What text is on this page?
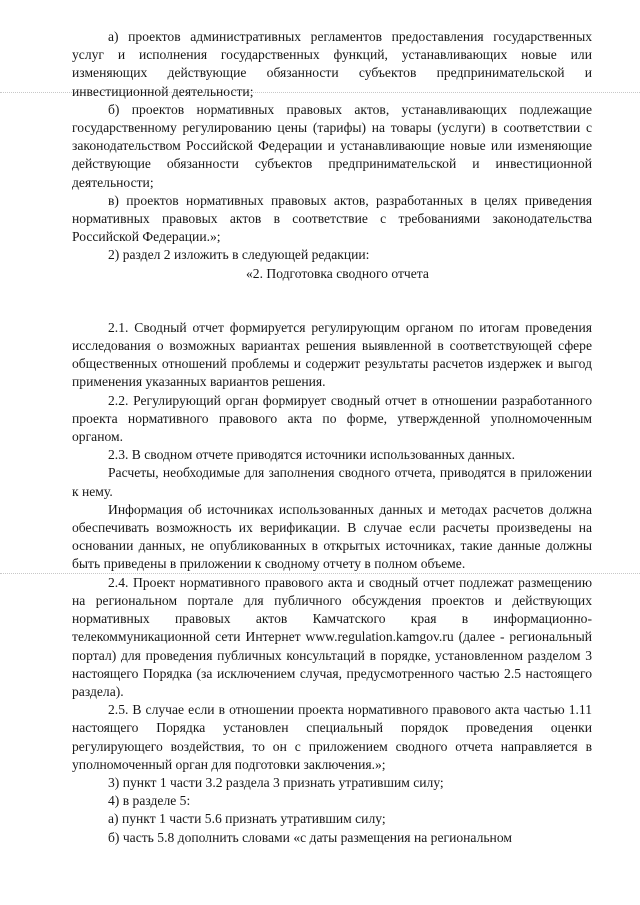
а) проектов административных регламентов предоставления государственных услуг и исполнения государственных функций, устанавливающих новые или изменяющих действующие обязанности субъектов предпринимательской и инвестиционной деятельности;

б) проектов нормативных правовых актов, устанавливающих подлежащие государственному регулированию цены (тарифы) на товары (услуги) в соответствии с законодательством Российской Федерации и устанавливающие новые или изменяющие действующие обязанности субъектов предпринимательской и инвестиционной деятельности;

в) проектов нормативных правовых актов, разработанных в целях приведения нормативных правовых актов в соответствие с требованиями законодательства Российской Федерации.»;

2) раздел 2 изложить в следующей редакции:

«2. Подготовка сводного отчета

2.1. Сводный отчет формируется регулирующим органом по итогам проведения исследования о возможных вариантах решения выявленной в соответствующей сфере общественных отношений проблемы и содержит результаты расчетов издержек и выгод применения указанных вариантов решения.

2.2. Регулирующий орган формирует сводный отчет в отношении разработанного проекта нормативного правового акта по форме, утвержденной уполномоченным органом.

2.3. В сводном отчете приводятся источники использованных данных.

Расчеты, необходимые для заполнения сводного отчета, приводятся в приложении к нему.

Информация об источниках использованных данных и методах расчетов должна обеспечивать возможность их верификации. В случае если расчеты произведены на основании данных, не опубликованных в открытых источниках, такие данные должны быть приведены в приложении к сводному отчету в полном объеме.

2.4. Проект нормативного правового акта и сводный отчет подлежат размещению на региональном портале для публичного обсуждения проектов и действующих нормативных правовых актов Камчатского края в информационно-телекоммуникационной сети Интернет www.regulation.kamgov.ru (далее - региональный портал) для проведения публичных консультаций в порядке, установленном разделом 3 настоящего Порядка (за исключением случая, предусмотренного частью 2.5 настоящего раздела).

2.5. В случае если в отношении проекта нормативного правового акта частью 1.11 настоящего Порядка установлен специальный порядок проведения оценки регулирующего воздействия, то он с приложением сводного отчета направляется в уполномоченный орган для подготовки заключения.»;

3) пункт 1 части 3.2 раздела 3 признать утратившим силу;

4) в разделе 5:

а) пункт 1 части 5.6 признать утратившим силу;

б) часть 5.8 дополнить словами «с даты размещения на региональном
